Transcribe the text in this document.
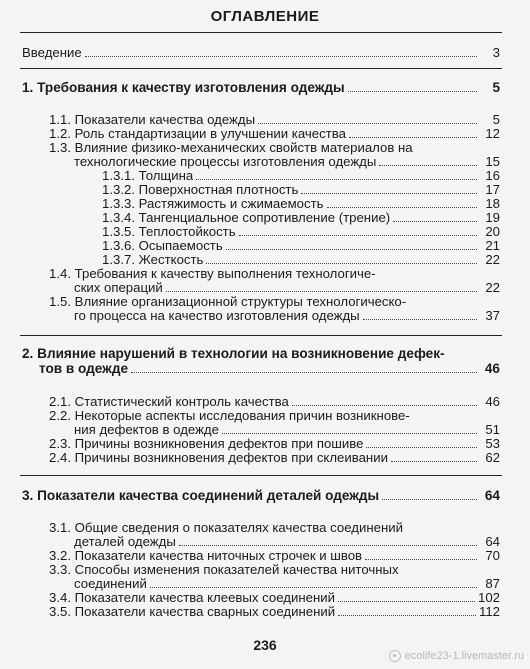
ОГЛАВЛЕНИЕ
Введение	3
1. Требования к качеству изготовления одежды	5
1.1. Показатели качества одежды	5
1.2. Роль стандартизации в улучшении качества	12
1.3. Влияние физико-механических свойств материалов на
технологические процессы изготовления одежды	15
1.3.1. Толщина	16
1.3.2. Поверхностная плотность	17
1.3.3. Растяжимость и сжимаемость	18
1.3.4. Тангенциальное сопротивление (трение)	19
1.3.5. Теплостойкость	20
1.3.6. Осыпаемость	21
1.3.7. Жесткость	22
1.4. Требования к качеству выполнения технологиче-
ских операций	22
1.5. Влияние организационной структуры технологическо-
го процесса на качество изготовления одежды	37
2. Влияние нарушений в технологии на возникновение дефек-
тов в одежде	46
2.1. Статистический контроль качества	46
2.2. Некоторые аспекты исследования причин возникнове-
ния дефектов в одежде	51
2.3. Причины возникновения дефектов при пошиве	53
2.4. Причины возникновения дефектов при склеивании	62
3. Показатели качества соединений деталей одежды	64
3.1. Общие сведения о показателях качества соединений
деталей одежды	64
3.2. Показатели качества ниточных строчек и швов	70
3.3. Способы изменения показателей качества ниточных
соединений	87
3.4. Показатели качества клеевых соединений	102
3.5. Показатели качества сварных соединений	112
236
ecolife23-1.livemaster.ru
